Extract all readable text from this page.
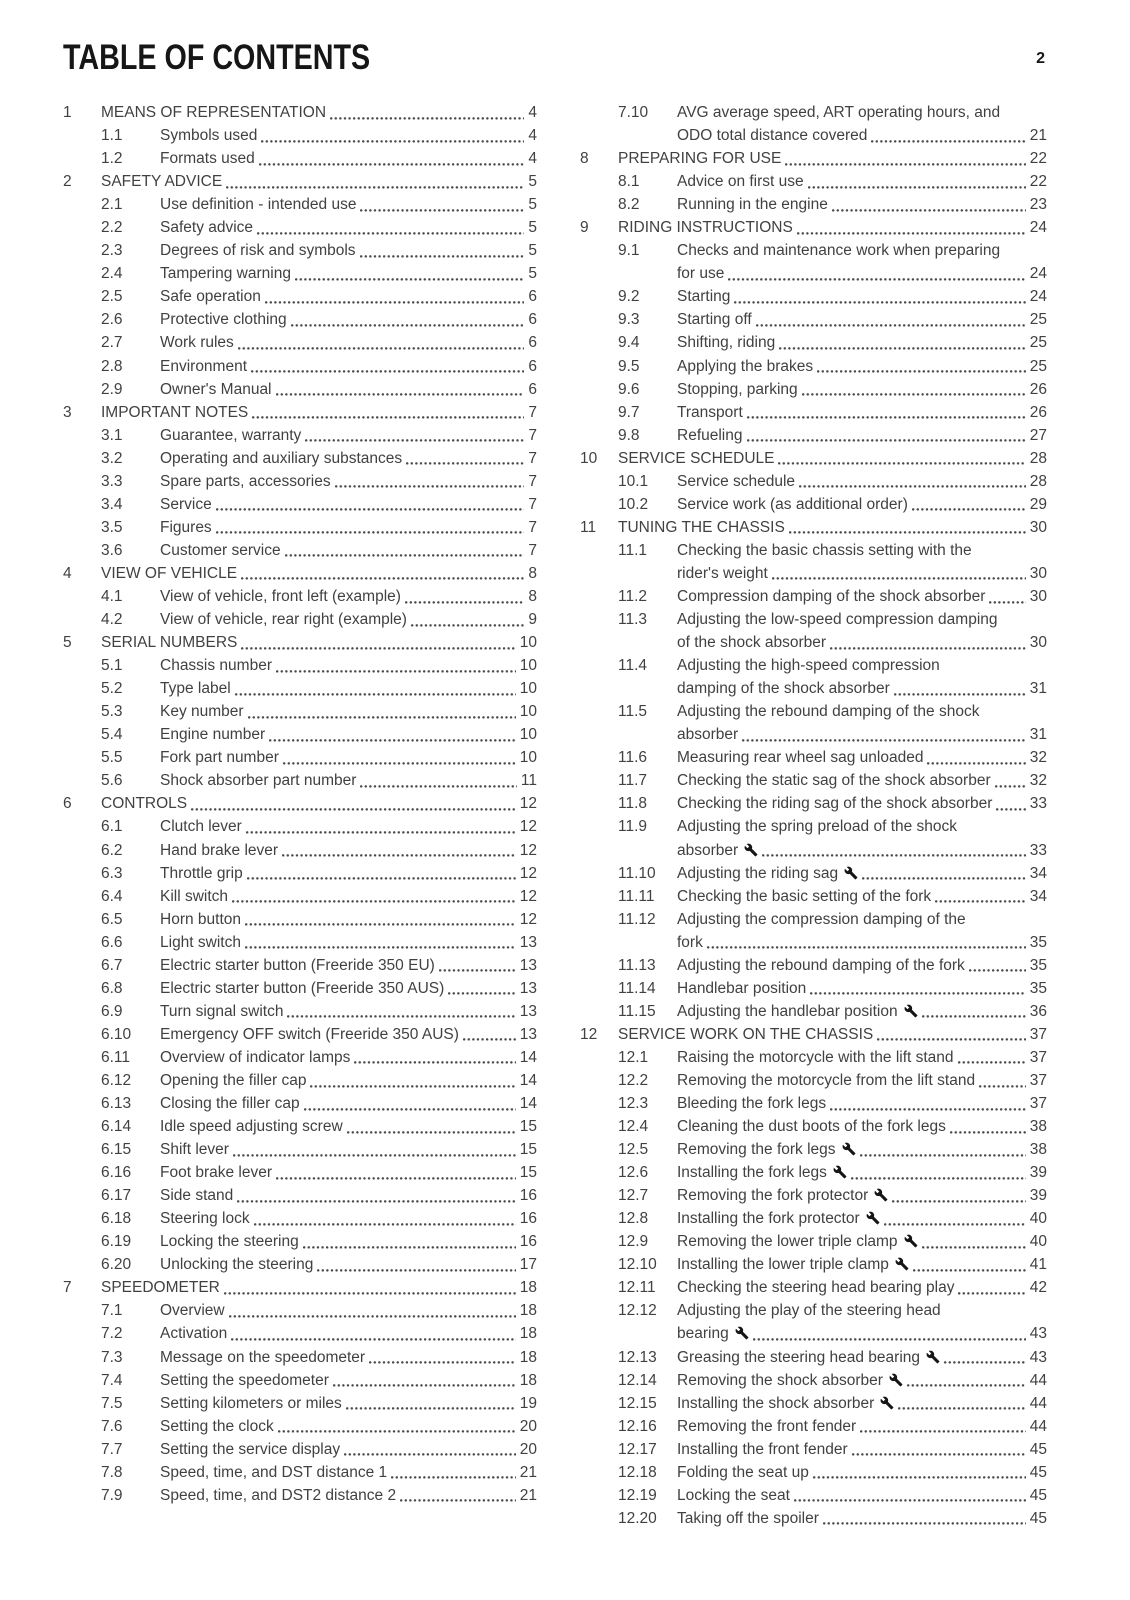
TABLE OF CONTENTS	2
1	MEANS OF REPRESENTATION	4
1.1	Symbols used	4
1.2	Formats used	4
2	SAFETY ADVICE	5
2.1	Use definition - intended use	5
2.2	Safety advice	5
2.3	Degrees of risk and symbols	5
2.4	Tampering warning	5
2.5	Safe operation	6
2.6	Protective clothing	6
2.7	Work rules	6
2.8	Environment	6
2.9	Owner's Manual	6
3	IMPORTANT NOTES	7
3.1	Guarantee, warranty	7
3.2	Operating and auxiliary substances	7
3.3	Spare parts, accessories	7
3.4	Service	7
3.5	Figures	7
3.6	Customer service	7
4	VIEW OF VEHICLE	8
4.1	View of vehicle, front left (example)	8
4.2	View of vehicle, rear right (example)	9
5	SERIAL NUMBERS	10
5.1	Chassis number	10
5.2	Type label	10
5.3	Key number	10
5.4	Engine number	10
5.5	Fork part number	10
5.6	Shock absorber part number	11
6	CONTROLS	12
6.1	Clutch lever	12
6.2	Hand brake lever	12
6.3	Throttle grip	12
6.4	Kill switch	12
6.5	Horn button	12
6.6	Light switch	13
6.7	Electric starter button (Freeride 350 EU)	13
6.8	Electric starter button (Freeride 350 AUS)	13
6.9	Turn signal switch	13
6.10	Emergency OFF switch (Freeride 350 AUS)	13
6.11	Overview of indicator lamps	14
6.12	Opening the filler cap	14
6.13	Closing the filler cap	14
6.14	Idle speed adjusting screw	15
6.15	Shift lever	15
6.16	Foot brake lever	15
6.17	Side stand	16
6.18	Steering lock	16
6.19	Locking the steering	16
6.20	Unlocking the steering	17
7	SPEEDOMETER	18
7.1	Overview	18
7.2	Activation	18
7.3	Message on the speedometer	18
7.4	Setting the speedometer	18
7.5	Setting kilometers or miles	19
7.6	Setting the clock	20
7.7	Setting the service display	20
7.8	Speed, time, and DST distance 1	21
7.9	Speed, time, and DST2 distance 2	21
7.10	AVG average speed, ART operating hours, and
ODO total distance covered	21
8	PREPARING FOR USE	22
8.1	Advice on first use	22
8.2	Running in the engine	23
9	RIDING INSTRUCTIONS	24
9.1	Checks and maintenance work when preparing
for use	24
9.2	Starting	24
9.3	Starting off	25
9.4	Shifting, riding	25
9.5	Applying the brakes	25
9.6	Stopping, parking	26
9.7	Transport	26
9.8	Refueling	27
10	SERVICE SCHEDULE	28
10.1	Service schedule	28
10.2	Service work (as additional order)	29
11	TUNING THE CHASSIS	30
11.1	Checking the basic chassis setting with the
rider's weight	30
11.2	Compression damping of the shock absorber	30
11.3	Adjusting the low-speed compression damping
of the shock absorber	30
11.4	Adjusting the high-speed compression
damping of the shock absorber	31
11.5	Adjusting the rebound damping of the shock
absorber	31
11.6	Measuring rear wheel sag unloaded	32
11.7	Checking the static sag of the shock absorber	32
11.8	Checking the riding sag of the shock absorber 33
11.9	Adjusting the spring preload of the shock
absorber	33
11.10	Adjusting the riding sag	34
11.11	Checking the basic setting of the fork	34
11.12	Adjusting the compression damping of the
fork	35
11.13	Adjusting the rebound damping of the fork	35
11.14	Handlebar position	35
11.15	Adjusting the handlebar position	36
12	SERVICE WORK ON THE CHASSIS	37
12.1	Raising the motorcycle with the lift stand	37
12.2	Removing the motorcycle from the lift stand	37
12.3	Bleeding the fork legs	37
12.4	Cleaning the dust boots of the fork legs	38
12.5	Removing the fork legs	38
12.6	Installing the fork legs	39
12.7	Removing the fork protector	39
12.8	Installing the fork protector	40
12.9	Removing the lower triple clamp	40
12.10	Installing the lower triple clamp	41
12.11	Checking the steering head bearing play	42
12.12	Adjusting the play of the steering head
bearing	43
12.13	Greasing the steering head bearing	43
12.14	Removing the shock absorber	44
12.15	Installing the shock absorber	44
12.16	Removing the front fender	44
12.17	Installing the front fender	45
12.18	Folding the seat up	45
12.19	Locking the seat	45
12.20	Taking off the spoiler	45
